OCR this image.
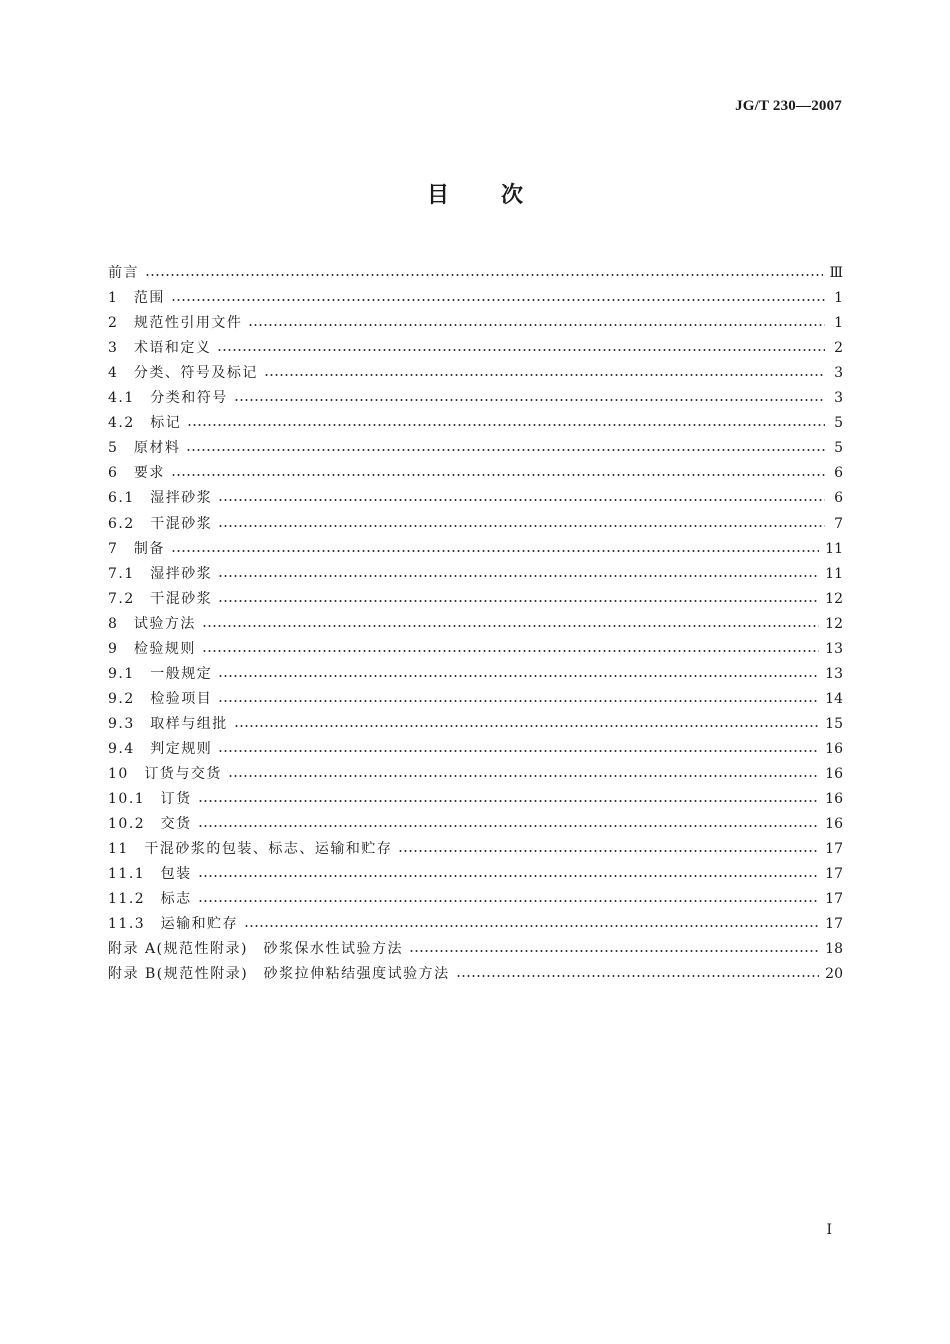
JG/T 230—2007
目 次
前言	Ⅲ
1　范围	1
2　规范性引用文件	1
3　术语和定义	2
4　分类、符号及标记	3
4.1　分类和符号	3
4.2　标记	5
5　原材料	5
6　要求	6
6.1　湿拌砂浆	6
6.2　干混砂浆	7
7　制备	11
7.1　湿拌砂浆	11
7.2　干混砂浆	12
8　试验方法	12
9　检验规则	13
9.1　一般规定	13
9.2　检验项目	14
9.3　取样与组批	15
9.4　判定规则	16
10　订货与交货	16
10.1　订货	16
10.2　交货	16
11　干混砂浆的包装、标志、运输和贮存	17
11.1　包装	17
11.2　标志	17
11.3　运输和贮存	17
附录 A(规范性附录)　砂浆保水性试验方法	18
附录 B(规范性附录)　砂浆拉伸粘结强度试验方法	20
I
